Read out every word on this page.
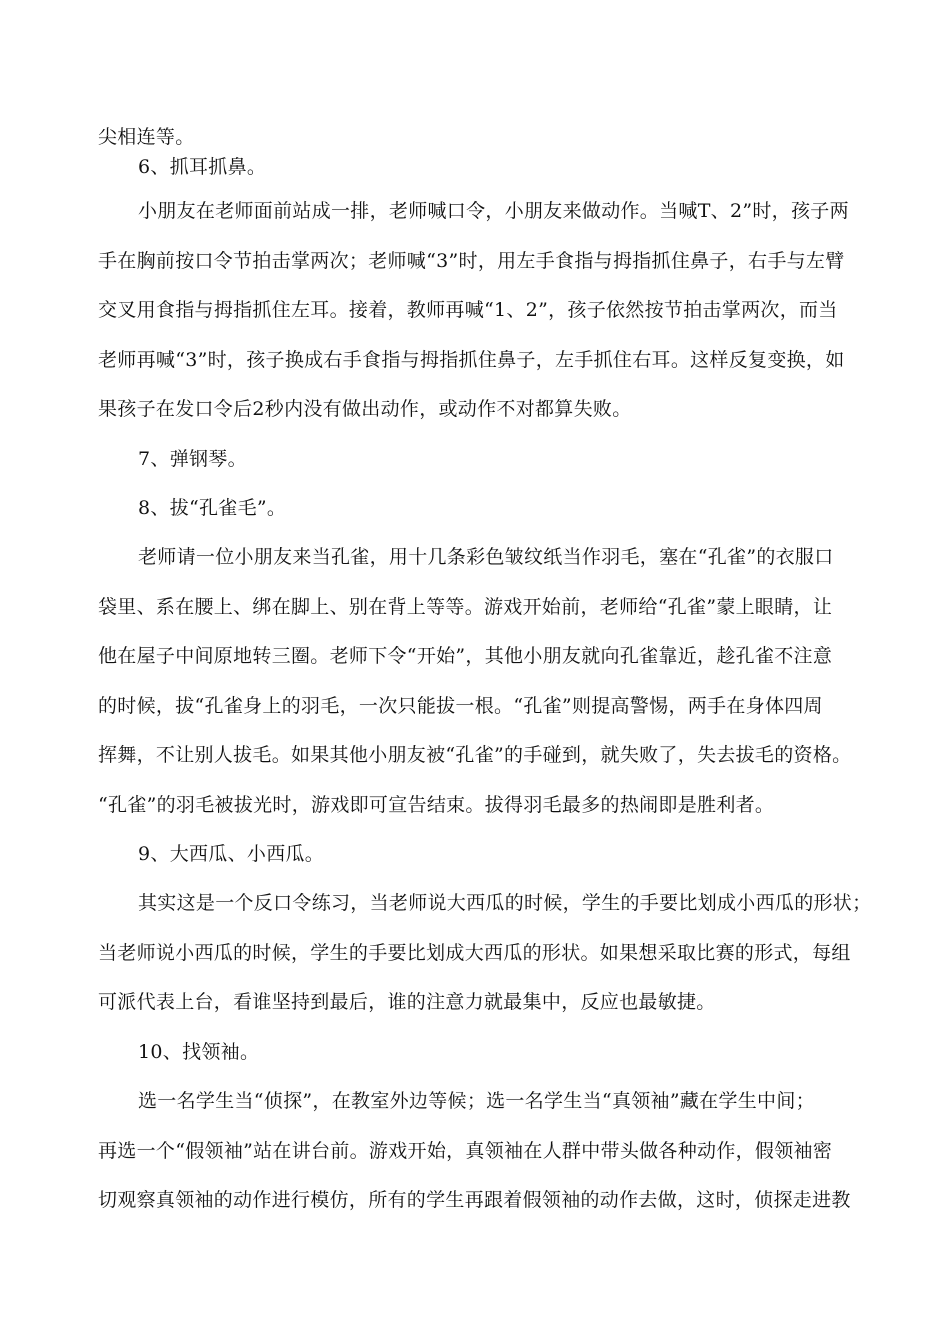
尖相连等。
6、抓耳抓鼻。
小朋友在老师面前站成一排，老师喊口令，小朋友来做动作。当喊T、2”时，孩子两
手在胸前按口令节拍击掌两次；老师喊“3”时，用左手食指与拇指抓住鼻子，右手与左臂
交叉用食指与拇指抓住左耳。接着，教师再喊“1、2”，孩子依然按节拍击掌两次，而当
老师再喊“3”时，孩子换成右手食指与拇指抓住鼻子，左手抓住右耳。这样反复变换，如
果孩子在发口令后2秒内没有做出动作，或动作不对都算失败。
7、弹钢琴。
8、拔“孔雀毛”。
老师请一位小朋友来当孔雀，用十几条彩色皱纹纸当作羽毛，塞在“孔雀”的衣服口
袋里、系在腰上、绑在脚上、别在背上等等。游戏开始前，老师给“孔雀”蒙上眼睛，让
他在屋子中间原地转三圈。老师下令“开始”，其他小朋友就向孔雀靠近，趁孔雀不注意
的时候，拔“孔雀身上的羽毛，一次只能拔一根。“孔雀”则提高警惕，两手在身体四周
挥舞，不让别人拔毛。如果其他小朋友被“孔雀”的手碰到，就失败了，失去拔毛的资格。
“孔雀”的羽毛被拔光时，游戏即可宣告结束。拔得羽毛最多的热闹即是胜利者。
9、大西瓜、小西瓜。
其实这是一个反口令练习，当老师说大西瓜的时候，学生的手要比划成小西瓜的形状；
当老师说小西瓜的时候，学生的手要比划成大西瓜的形状。如果想采取比赛的形式，每组
可派代表上台，看谁坚持到最后，谁的注意力就最集中，反应也最敏捷。
10、找领袖。
选一名学生当“侦探”，在教室外边等候；选一名学生当“真领袖”藏在学生中间；
再选一个“假领袖”站在讲台前。游戏开始，真领袖在人群中带头做各种动作，假领袖密
切观察真领袖的动作进行模仿，所有的学生再跟着假领袖的动作去做，这时，侦探走进教
